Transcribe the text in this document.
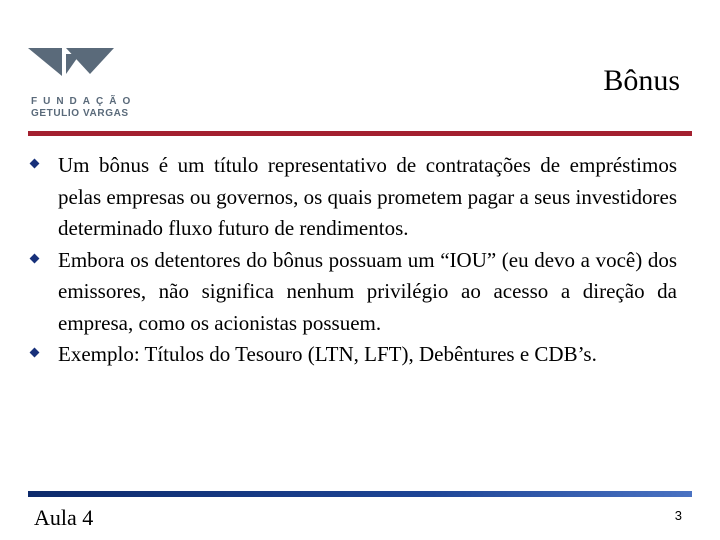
FUNDAÇÃO
GETULIO VARGAS
Bônus

Um bônus é um título representativo de contratações de empréstimos pelas empresas ou governos, os quais prometem pagar a seus investidores determinado fluxo futuro de rendimentos.

Embora os detentores do bônus possuam um “IOU” (eu devo a você) dos emissores, não significa nenhum privilégio ao acesso a direção da empresa, como os acionistas possuem.

Exemplo: Títulos do Tesouro (LTN, LFT), Debêntures e CDB’s.

Aula 4	3
